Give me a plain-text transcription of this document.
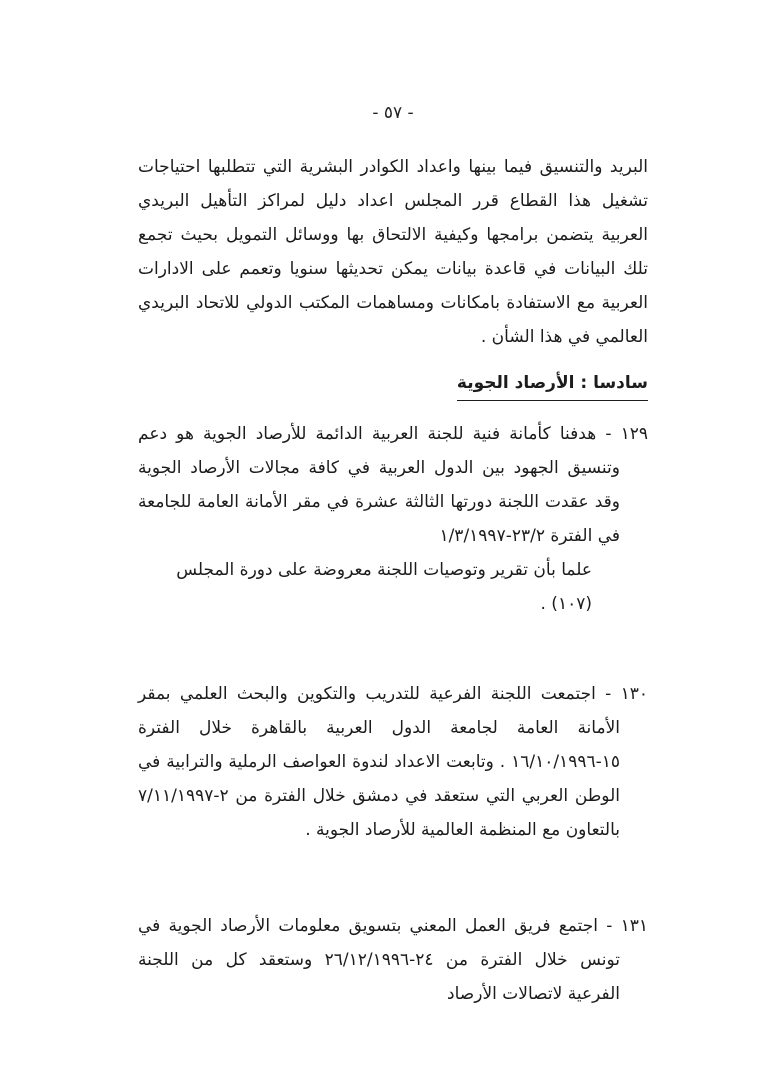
- ٥٧ -

البريد والتنسيق فيما بينها واعداد الكوادر البشرية التي تتطلبها احتياجات تشغيل هذا القطاع قرر المجلس اعداد دليل لمراكز التأهيل البريدي العربية يتضمن برامجها وكيفية الالتحاق بها ووسائل التمويل بحيث تجمع تلك البيانات في قاعدة بيانات يمكن تحديثها سنويا وتعمم على الادارات العربية مع الاستفادة بامكانات ومساهمات المكتب الدولي للاتحاد البريدي العالمي في هذا الشأن .

سادسا : الأرصاد الجوية

١٢٩ - هدفنا كأمانة فنية للجنة العربية الدائمة للأرصاد الجوية هو دعم وتنسيق الجهود بين الدول العربية في كافة مجالات الأرصاد الجوية وقد عقدت اللجنة دورتها الثالثة عشرة في مقر الأمانة العامة للجامعة في الفترة ٢٣/٢-١/٣/١٩٩٧

علما بأن تقرير وتوصيات اللجنة معروضة على دورة المجلس (١٠٧) .

١٣٠ - اجتمعت اللجنة الفرعية للتدريب والتكوين والبحث العلمي بمقر الأمانة العامة لجامعة الدول العربية بالقاهرة خلال الفترة ١٥-١٦/١٠/١٩٩٦ . وتابعت الاعداد لندوة العواصف الرملية والترابية في الوطن العربي التي ستعقد في دمشق خلال الفترة من ٢-٧/١١/١٩٩٧ بالتعاون مع المنظمة العالمية للأرصاد الجوية .

١٣١ - اجتمع فريق العمل المعني بتسويق معلومات الأرصاد الجوية في تونس خلال الفترة من ٢٤-٢٦/١٢/١٩٩٦ وستعقد كل من اللجنة الفرعية لاتصالات الأرصاد
